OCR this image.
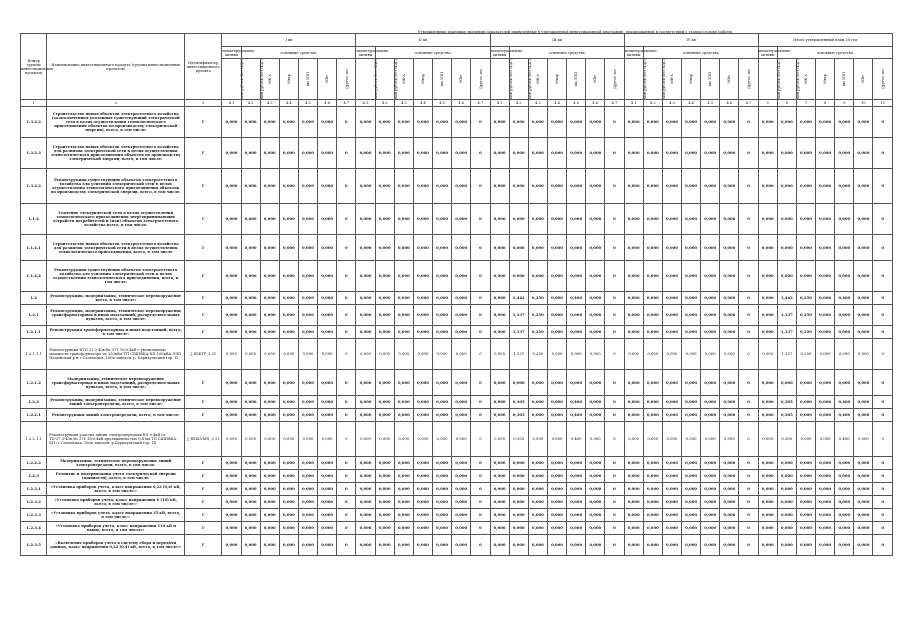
Утвержденные плановые значения показателей приведенные в утвержденной инвестиционной программе, реализованной в соответствии с этапом (годом) работы
Номер группы инвестиционных проектов	Наименование инвестиционного проекта (группы инвестиционных проектов)	Идентификатор инвестиционного проекта	I кв							II кв							III кв							IV кв							Итого утвержденный план 20 год						
			нематериальные активы	основные средства						нематериальные активы	основные средства						нематериальные активы	основные средства						нематериальные активы	основные средства						нематериальные активы	основные средства					
			млн рублей (без НДС)	млн рублей (без НДС)	МВ·А	Мвар	км ЛЭП	МВт	Другое, шт	млн рублей (без НДС)	млн рублей (без НДС)	МВ·А	Мвар	км ЛЭП	МВт	Другое, шт	млн рублей (без НДС)	млн рублей (без НДС)	МВ·А	Мвар	км ЛЭП	МВт	Другое, шт	млн рублей (без НДС)	млн рублей (без НДС)	МВ·А	Мвар	км ЛЭП	МВт	Другое, шт	млн рублей (без НДС)	млн рублей (без НДС)	МВ·А	Мвар	км ЛЭП	МВт	Другое, шт
1	2	3	4.1	4.2	4.3	4.4	4.5	4.6	4.7	4.1	4.2	4.3	4.4	4.5	4.6	4.7	4.1	4.2	4.3	4.4	4.5	4.6	4.7	4.1	4.2	4.3	4.4	4.5	4.6	4.7	5	6	7	8	9	10	11
1.3.2.2	Строительство новых объектов электросетевого хозяйства (за исключением указанных существующий электрической сети в целях осуществления технологического присоединения объектов по производству электрической энергии), всего, в том числе:	Г	0,000	0,000	0,000	0,000	0,000	0,000	0	0,000	0,000	0,000	0,000	0,000	0,000	0	0,000	0,000	0,000	0,000	0,000	0,000	0	0,000	0,000	0,000	0,000	0,000	0,000	0	0,000	0,000	0,000	0,000	0,000	0,000	0
1.3.2.3	Строительство новых объектов электросетевого хозяйства для развития электрической сети в целях осуществления технологического присоединения объектов по производству электрической энергии, всего, в том числе:	Г	0,000	0,000	0,000	0,000	0,000	0,000	0	0,000	0,000	0,000	0,000	0,000	0,000	0	0,000	0,000	0,000	0,000	0,000	0,000	0	0,000	0,000	0,000	0,000	0,000	0,000	0	0,000	0,000	0,000	0,000	0,000	0,000	0
1.3.2.2	Реконструкция существующих объектов электросетевого хозяйства для усиления электрической сети в целях осуществления технологического присоединения объектов по производству электрической энергии, всего, в том числе:	Г	0,000	0,000	0,000	0,000	0,000	0,000	0	0,000	0,000	0,000	0,000	0,000	0,000	0	0,000	0,000	0,000	0,000	0,000	0,000	0	0,000	0,000	0,000	0,000	0,000	0,000	0	0,000	0,000	0,000	0,000	0,000	0,000	0
1.1.4	Усиление электрической сети в целях осуществления технологического присоединения энергопринимающих устройств потребителей и (или) объектов электросетевого хозяйства всего, в том числе:	Г	0,000	0,000	0,000	0,000	0,000	0,000	0	0,000	0,000	0,000	0,000	0,000	0,000	0	0,000	0,000	0,000	0,000	0,000	0,000	0	0,000	0,000	0,000	0,000	0,000	0,000	0	0,000	0,000	0,000	0,000	0,000	0,000	0
1.1.4.1	Строительство новых объектов электросетевого хозяйства для развития электрической сети в целях осуществления технологического присоединения, всего, в том числе	Г	0,000	0,000	0,000	0,000	0,000	0,000	0	0,000	0,000	0,000	0,000	0,000	0,000	0	0,000	0,000	0,000	0,000	0,000	0,000	0	0,000	0,000	0,000	0,000	0,000	0,000	0	0,000	0,000	0,000	0,000	0,000	0,000	0
1.1.4.2	Реконструкция существующих объектов электросетевого хозяйства для усиления электрической сети в целях осуществления технологического присоединения, всего, в том числе:	Г	0,000	0,000	0,000	0,000	0,000	0,000	0	0,000	0,000	0,000	0,000	0,000	0,000	0	0,000	0,000	0,000	0,000	0,000	0,000	0	0,000	0,000	0,000	0,000	0,000	0,000	0	0,000	0,000	0,000	0,000	0,000	0,000	0
1.2	Реконструкция, модернизация, техническое перевооружение всего, в том числе:	Г	0,000	0,000	0,000	0,000	0,000	0,000	0	0,000	0,000	0,000	0,000	0,000	0,000	0	0,000	1,442	0,250	0,000	0,400	0,000	0	0,000	0,000	0,000	0,000	0,000	0,000	0	0,000	1,442	0,250	0,000	0,400	0,000	0
1.2.1	Реконструкция, модернизация, техническое перевооружение трансформаторных и иных подстанций, распределительных пунктов, всего, в том числе:	Г	0,000	0,000	0,000	0,000	0,000	0,000	0	0,000	0,000	0,000	0,000	0,000	0,000	0	0,000	1,137	0,250	0,000	0,000	0,000	0	0,000	0,000	0,000	0,000	0,000	0,000	0	0,000	1,137	0,250	0,000	0,000	0,000	0
1.2.1.1	Реконструкция трансформаторных и иных подстанций, всего, в том числе:	Г	0,000	0,000	0,000	0,000	0,000	0,000	0	0,000	0,000	0,000	0,000	0,000	0,000	0	0,000	1,137	0,250	0,000	0,000	0,000	0	0,000	0,000	0,000	0,000	0,000	0,000	0	0,000	1,137	0,250	0,000	0,000	0,000	0
1.2.1.1.1	Реконструкция КТП 27.3-40к.Вс.371 10/0,4кВ с увеличением мощности трансформатора до 250кВА ТП СШИВКА-КП-100кВА ЛЭП Надымский р-н г.Салемская. 160к заведен. р. Барнаульский гор. П.	J_RSKTP_3-31	0,000	0,000	0,000	0,000	0,000	0,000	0	0,000	0,000	0,000	0,000	0,000	0,000	0	0,000	1,137	0,250	0,000	0,000	0,000	0	0,000	0,000	0,000	0,000	0,000	0,000	0	0,000	1,137	0,250	0,000	0,000	0,000	0
1.2.1.2	Модернизация, техническое перевооружение трансформаторных и иных подстанций, распределительных пунктов, всего, в том числе:	Г	0,000	0,000	0,000	0,000	0,000	0,000	0	0,000	0,000	0,000	0,000	0,000	0,000	0	0,000	0,000	0,000	0,000	0,000	0,000	0	0,000	0,000	0,000	0,000	0,000	0,000	0	0,000	0,000	0,000	0,000	0,000	0,000	0
1.2.2	Реконструкция, модернизация, техническое перевооружение линий электропередачи, всего, в том числе:	Г	0,000	0,000	0,000	0,000	0,000	0,000	0	0,000	0,000	0,000	0,000	0,000	0,000	0	0,000	0,305	0,000	0,000	0,400	0,000	0	0,000	0,000	0,000	0,000	0,000	0,000	0	0,000	0,305	0,000	0,000	0,400	0,000	0
1.2.2.1	Реконструкция линий электропередачи, всего, в том числе:	Г	0,000	0,000	0,000	0,000	0,000	0,000	0	0,000	0,000	0,000	0,000	0,000	0,000	0	0,000	0,305	0,000	0,000	0,400	0,000	0	0,000	0,000	0,000	0,000	0,000	0,000	0	0,000	0,305	0,000	0,000	0,400	0,000	0
1.2.2.1.1	Реконструкция участка линии электропередачи ВЛ 0,4кВ от ТП-27.3-40к.Вс.371 10/0,4кВ протяженностью 0,4 км ТП СШИВКА-КП (с.Салемская. 160к заведен. р.Барнаульский гор. П)	J_RSKLVMN_3-31	0,000	0,000	0,000	0,000	0,000	0,000	0	0,000	0,000	0,000	0,000	0,000	0,000	0	0,000	0,305	0,000	0,000	0,400	0,000	0	0,000	0,000	0,000	0,000	0,000	0,000	0	0,000	0,305	0,000	0,000	0,400	0,000	0
1.2.2.2	Модернизация, техническое перевооружение линий электропередачи, всего, в том числе:	Г	0,000	0,000	0,000	0,000	0,000	0,000	0	0,000	0,000	0,000	0,000	0,000	0,000	0	0,000	0,000	0,000	0,000	0,000	0,000	0	0,000	0,000	0,000	0,000	0,000	0,000	0	0,000	0,000	0,000	0,000	0,000	0,000	0
1.2.3	Развитие и модернизация учета электрической энергии (мощности), всего, в том числе:	Г	0,000	0,000	0,000	0,000	0,000	0,000	0	0,000	0,000	0,000	0,000	0,000	0,000	0	0,000	0,000	0,000	0,000	0,000	0,000	0	0,000	0,000	0,000	0,000	0,000	0,000	0	0,000	0,000	0,000	0,000	0,000	0,000	0
1.2.3.1	«Установка приборов учета, класс напряжения 0,22 (0,4) кВ, всего, в том числе:»	Г	0,000	0,000	0,000	0,000	0,000	0,000	0	0,000	0,000	0,000	0,000	0,000	0,000	0	0,000	0,000	0,000	0,000	0,000	0,000	0	0,000	0,000	0,000	0,000	0,000	0,000	0	0,000	0,000	0,000	0,000	0,000	0,000	0
1.2.3.2	«Установка приборов учета, класс напряжения 6 (10) кВ, всего, в том числе:»	Г	0,000	0,000	0,000	0,000	0,000	0,000	0	0,000	0,000	0,000	0,000	0,000	0,000	0	0,000	0,000	0,000	0,000	0,000	0,000	0	0,000	0,000	0,000	0,000	0,000	0,000	0	0,000	0,000	0,000	0,000	0,000	0,000	0
1.2.3.3	«Установка приборов учета, класс напряжения 35 кВ, всего, в том числе:»	Г	0,000	0,000	0,000	0,000	0,000	0,000	0	0,000	0,000	0,000	0,000	0,000	0,000	0	0,000	0,000	0,000	0,000	0,000	0,000	0	0,000	0,000	0,000	0,000	0,000	0,000	0	0,000	0,000	0,000	0,000	0,000	0,000	0
1.2.3.4	«Установка приборов учета, класс напряжения 110 кВ и выше, всего, в том числе:»	Г	0,000	0,000	0,000	0,000	0,000	0,000	0	0,000	0,000	0,000	0,000	0,000	0,000	0	0,000	0,000	0,000	0,000	0,000	0,000	0	0,000	0,000	0,000	0,000	0,000	0,000	0	0,000	0,000	0,000	0,000	0,000	0,000	0
1.2.3.5	«Включение приборов учета в систему сбора и передачи данных, класс напряжения 0,22 (0,4) кВ, всего, в том числе:»	Г	0,000	0,000	0,000	0,000	0,000	0,000	0	0,000	0,000	0,000	0,000	0,000	0,000	0	0,000	0,000	0,000	0,000	0,000	0,000	0	0,000	0,000	0,000	0,000	0,000	0,000	0	0,000	0,000	0,000	0,000	0,000	0,000	0
